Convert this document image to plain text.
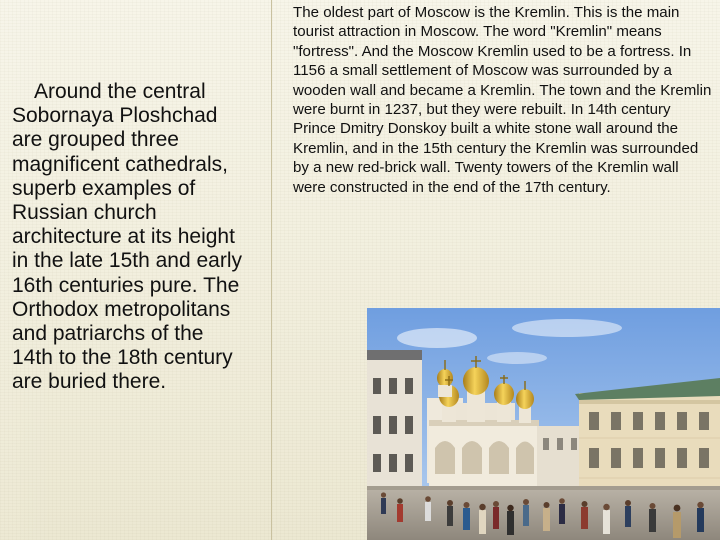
Around the central Sobornaya Ploshchad are grouped three magnificent cathedrals, superb examples of Russian church architecture at its height in the late 15th and early 16th centuries pure. The Orthodox metropolitans and patriarchs of the 14th to the 18th century are buried there.
The oldest part of Moscow is the Kremlin. This is the main tourist attraction in Moscow. The word "Kremlin" means "fortress". And the Moscow Kremlin used to be a fortress. In 1156 a small settlement of Moscow was surrounded by a wooden wall and became a Kremlin. The town and the Kremlin were burnt in 1237, but they were rebuilt. In 14th century Prince Dmitry Donskoy built a white stone wall around the Kremlin, and in the 15th century the Kremlin was surrounded by a new red-brick wall. Twenty towers of the Kremlin wall were constructed in the end of the 17th century.
